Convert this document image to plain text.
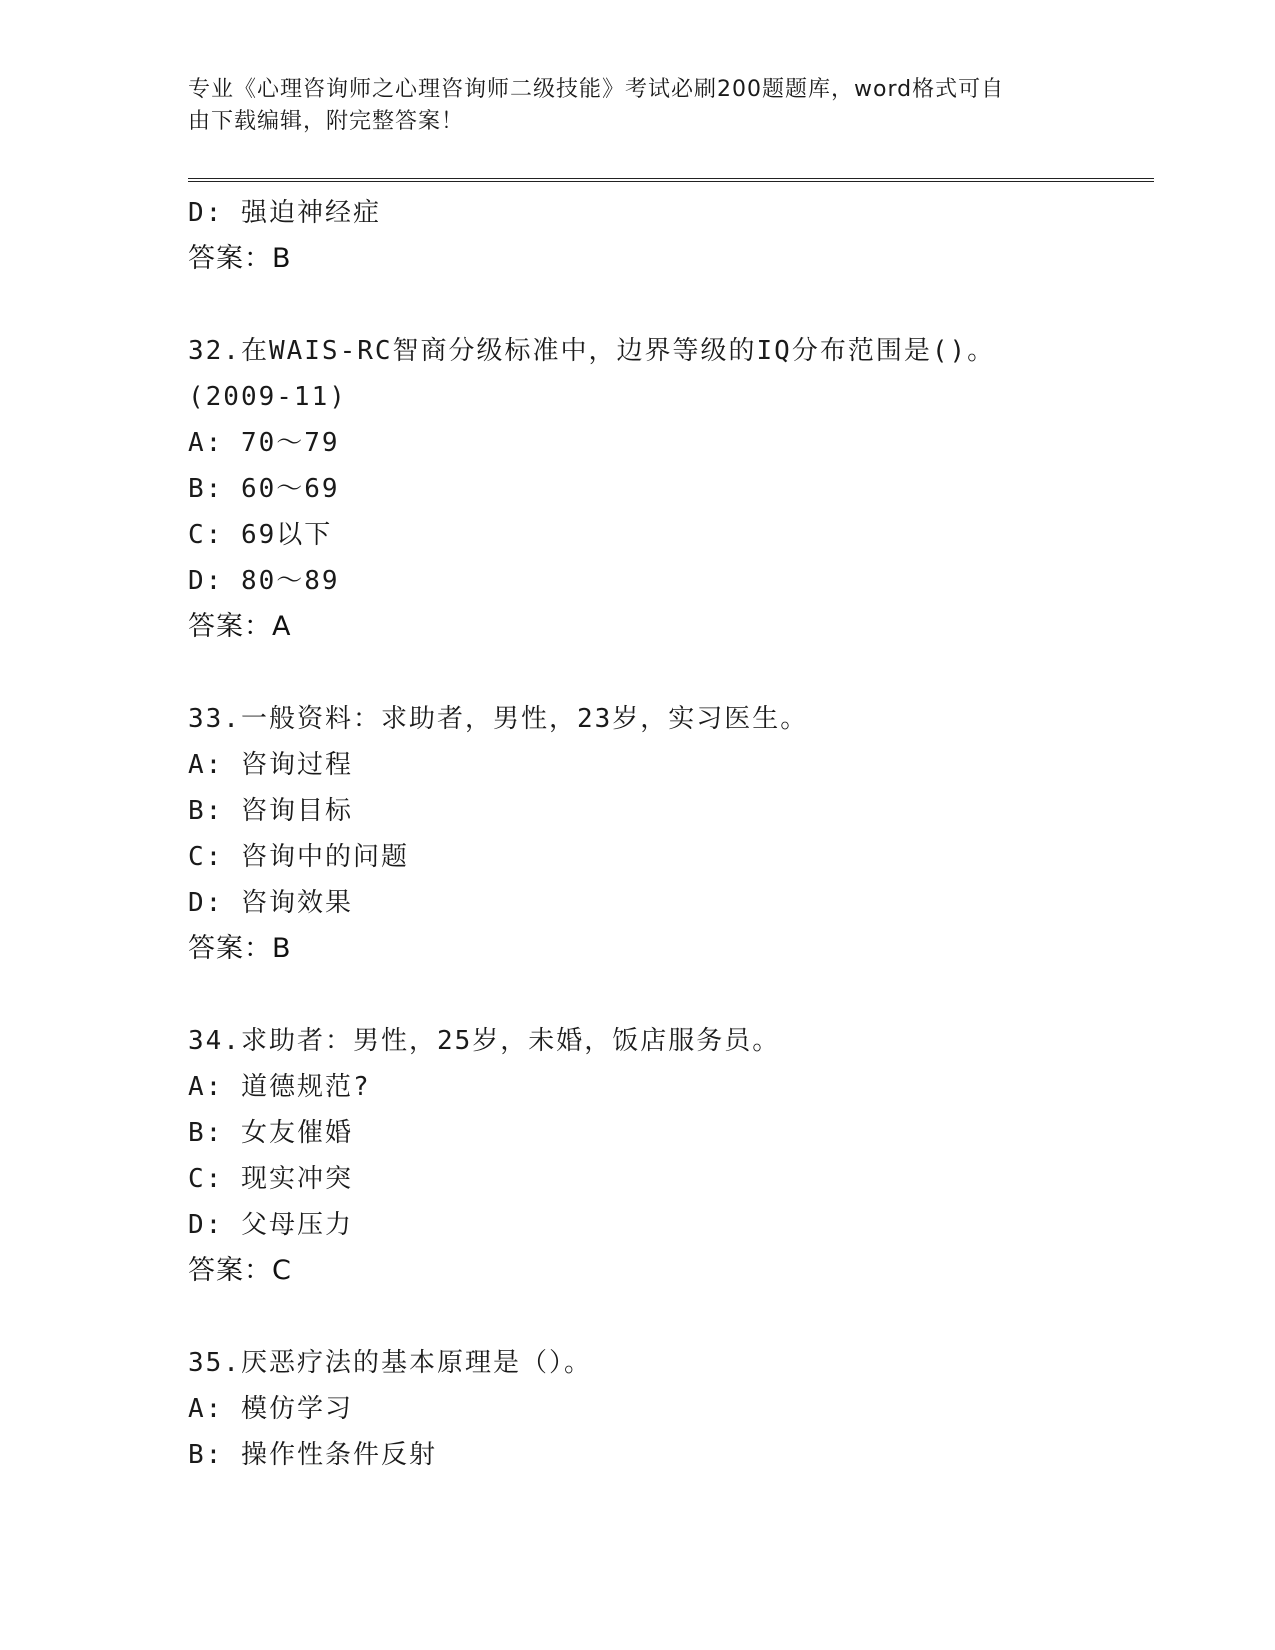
专业《心理咨询师之心理咨询师二级技能》考试必刷200题题库，word格式可自
由下载编辑，附完整答案！
D: 强迫神经症
答案：B
32.在WAIS-RC智商分级标准中，边界等级的IQ分布范围是()。
(2009-11)
A: 70～79
B: 60～69
C: 69以下
D: 80～89
答案：A
33.一般资料：求助者，男性，23岁，实习医生。
A: 咨询过程
B: 咨询目标
C: 咨询中的问题
D: 咨询效果
答案：B
34.求助者：男性，25岁，未婚，饭店服务员。
A: 道德规范?
B: 女友催婚
C: 现实冲突
D: 父母压力
答案：C
35.厌恶疗法的基本原理是（）。
A: 模仿学习
B: 操作性条件反射
